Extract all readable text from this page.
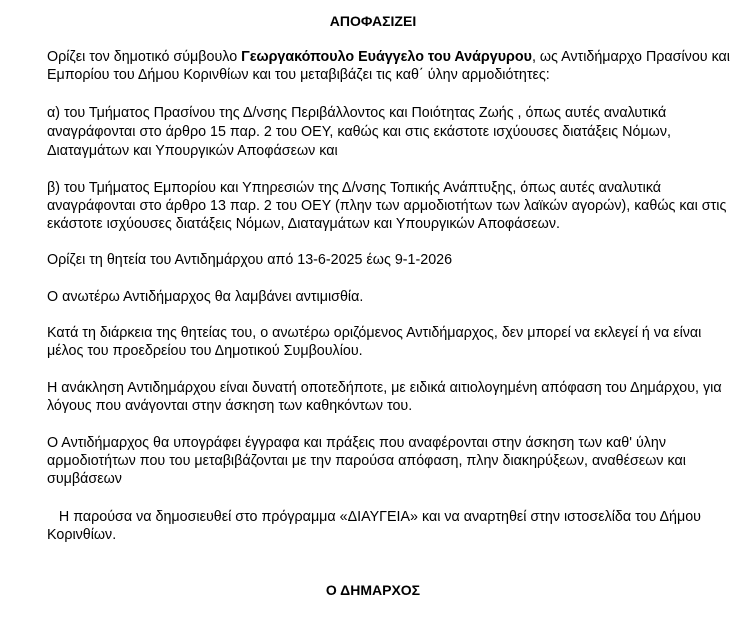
ΑΠΟΦΑΣΙΖΕΙ
Ορίζει τον δημοτικό σύμβουλο Γεωργακόπουλο Ευάγγελο του Ανάργυρου, ως Αντιδήμαρχο Πρασίνου και
Εμπορίου του Δήμου Κορινθίων και του μεταβιβάζει τις καθ΄ ύλην αρμοδιότητες:
α) του Τμήματος Πρασίνου της Δ/νσης Περιβάλλοντος και Ποιότητας Ζωής , όπως αυτές αναλυτικά
αναγράφονται στο άρθρο 15 παρ. 2 του ΟΕΥ, καθώς και στις εκάστοτε ισχύουσες διατάξεις Νόμων,
Διαταγμάτων και Υπουργικών Αποφάσεων και
β) του Τμήματος Εμπορίου και Υπηρεσιών της Δ/νσης Τοπικής Ανάπτυξης, όπως αυτές αναλυτικά
αναγράφονται στο άρθρο 13 παρ. 2 του ΟΕΥ (πλην των αρμοδιοτήτων των λαϊκών αγορών), καθώς και στις
εκάστοτε ισχύουσες διατάξεις Νόμων, Διαταγμάτων και Υπουργικών Αποφάσεων.
Ορίζει τη θητεία του Αντιδημάρχου από 13-6-2025 έως 9-1-2026
Ο ανωτέρω Αντιδήμαρχος θα λαμβάνει αντιμισθία.
Κατά τη διάρκεια της θητείας του, ο ανωτέρω οριζόμενος Αντιδήμαρχος, δεν μπορεί να εκλεγεί ή να είναι
μέλος του προεδρείου του Δημοτικού Συμβουλίου.
Η ανάκληση Αντιδημάρχου είναι δυνατή οποτεδήποτε, με ειδικά αιτιολογημένη απόφαση του Δημάρχου, για
λόγους που ανάγονται στην άσκηση των καθηκόντων του.
Ο Αντιδήμαρχος θα υπογράφει έγγραφα και πράξεις που αναφέρονται στην άσκηση των καθ' ύλην
αρμοδιοτήτων που του μεταβιβάζονται με την παρούσα απόφαση, πλην διακηρύξεων, αναθέσεων και
συμβάσεων
Η παρούσα να δημοσιευθεί στο πρόγραμμα «ΔΙΑΥΓΕΙΑ» και να αναρτηθεί στην ιστοσελίδα του Δήμου
Κορινθίων.
Ο ΔΗΜΑΡΧΟΣ
